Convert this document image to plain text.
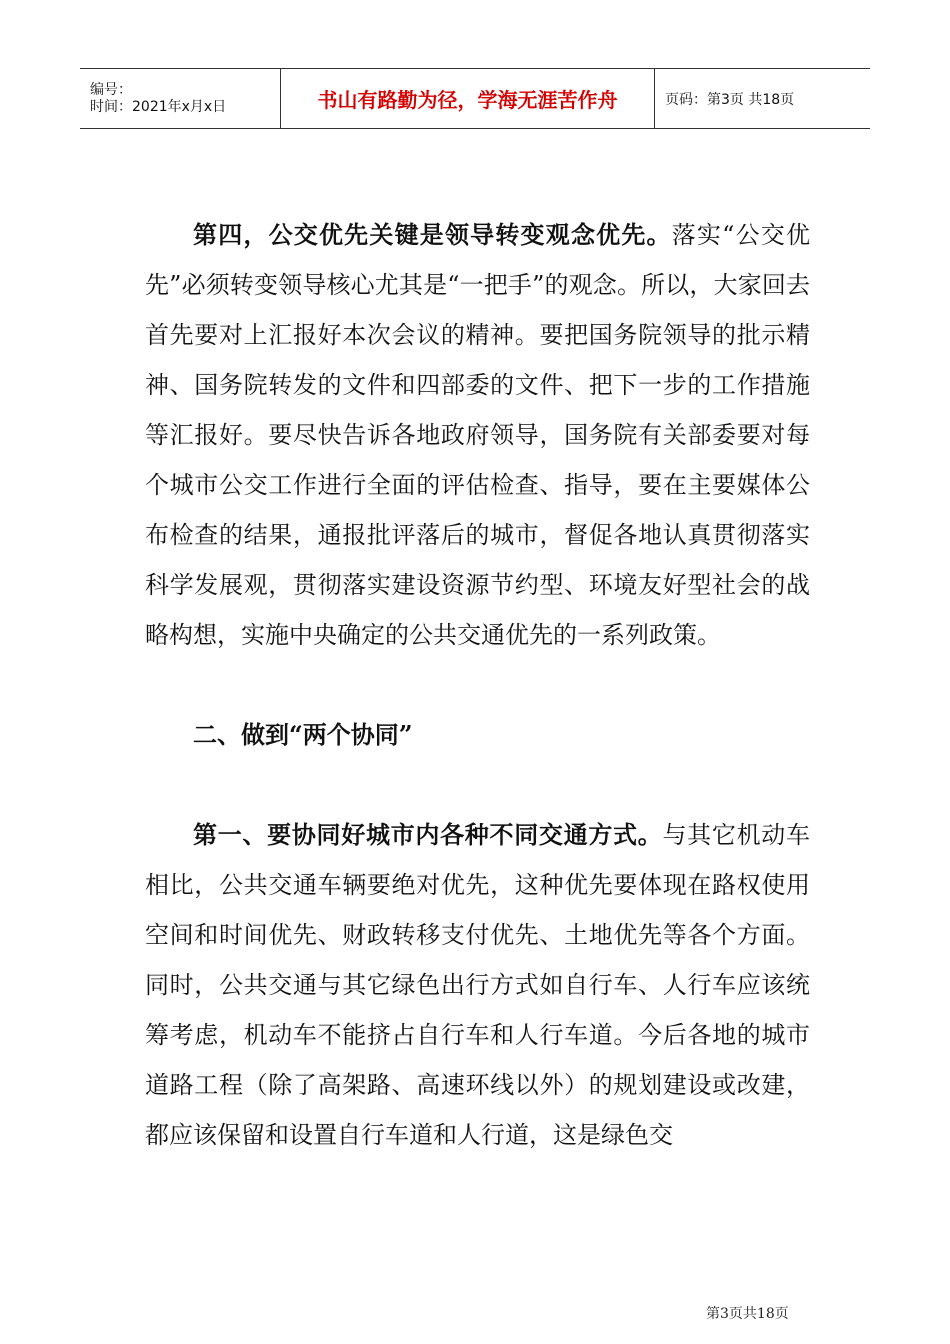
编号：
时间：2021年x月x日	书山有路勤为径，学海无涯苦作舟	页码：第3页 共18页

第四，公交优先关键是领导转变观念优先。落实“公交优先”必须转变领导核心尤其是“一把手”的观念。所以，大家回去首先要对上汇报好本次会议的精神。要把国务院领导的批示精神、国务院转发的文件和四部委的文件、把下一步的工作措施等汇报好。要尽快告诉各地政府领导，国务院有关部委要对每个城市公交工作进行全面的评估检查、指导，要在主要媒体公布检查的结果，通报批评落后的城市，督促各地认真贯彻落实科学发展观，贯彻落实建设资源节约型、环境友好型社会的战略构想，实施中央确定的公共交通优先的一系列政策。

二、做到“两个协同”

第一、要协同好城市内各种不同交通方式。与其它机动车相比，公共交通车辆要绝对优先，这种优先要体现在路权使用空间和时间优先、财政转移支付优先、土地优先等各个方面。同时，公共交通与其它绿色出行方式如自行车、人行车应该统筹考虑，机动车不能挤占自行车和人行车道。今后各地的城市道路工程（除了高架路、高速环线以外）的规划建设或改建，都应该保留和设置自行车道和人行道，这是绿色交

第3页共18页
